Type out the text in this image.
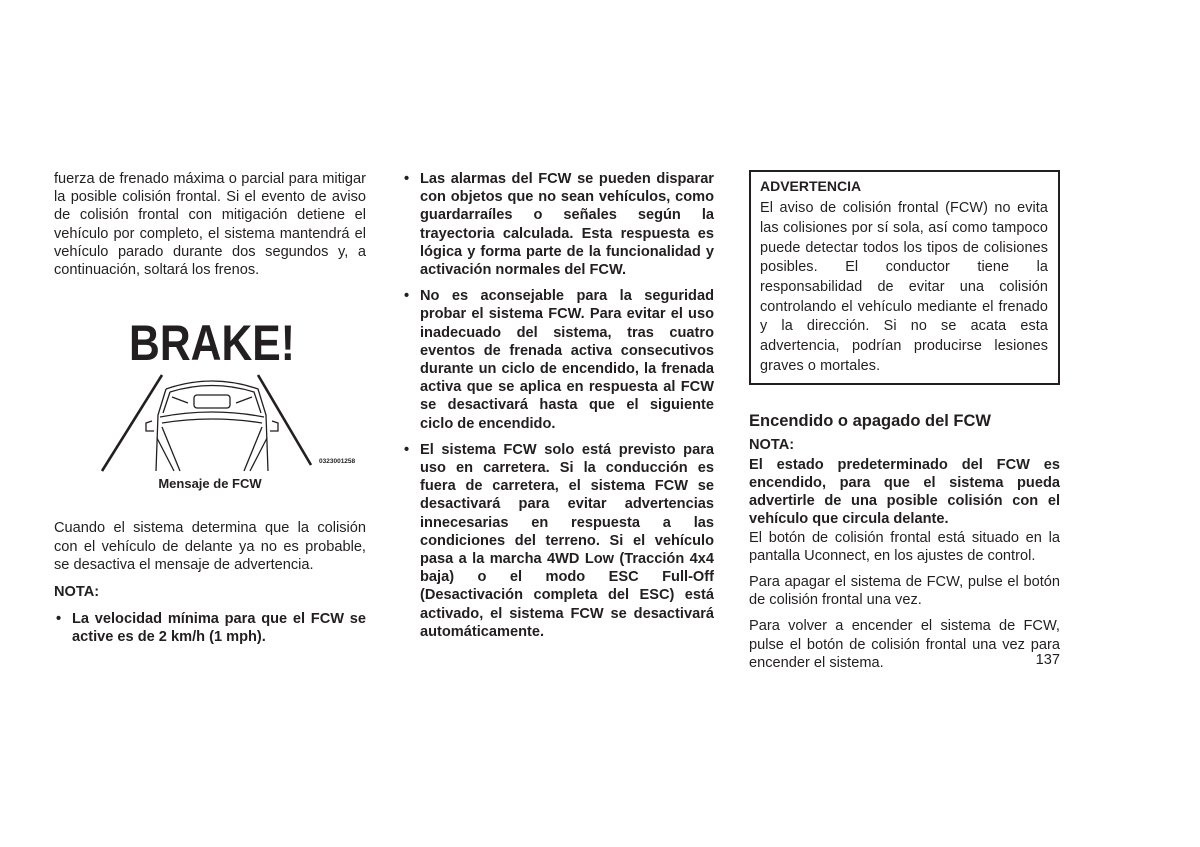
fuerza de frenado máxima o parcial para mitigar la posible colisión frontal. Si el evento de aviso de colisión frontal con mitigación detiene el vehículo por completo, el sistema mantendrá el vehículo parado durante dos segundos y, a continuación, soltará los frenos.

BRAKE!
0323001258

Mensaje de FCW

Cuando el sistema determina que la colisión con el vehículo de delante ya no es probable, se desactiva el mensaje de advertencia.

NOTA:

• La velocidad mínima para que el FCW se active es de 2 km/h (1 mph).
• Las alarmas del FCW se pueden disparar con objetos que no sean vehículos, como guardarraíles o señales según la trayectoria calculada. Esta respuesta es lógica y forma parte de la funcionalidad y activación normales del FCW.
• No es aconsejable para la seguridad probar el sistema FCW. Para evitar el uso inadecuado del sistema, tras cuatro eventos de frenada activa consecutivos durante un ciclo de encendido, la frenada activa que se aplica en respuesta al FCW se desactivará hasta que el siguiente ciclo de encendido.
• El sistema FCW solo está previsto para uso en carretera. Si la conducción es fuera de carretera, el sistema FCW se desactivará para evitar advertencias innecesarias en respuesta a las condiciones del terreno. Si el vehículo pasa a la marcha 4WD Low (Tracción 4x4 baja) o el modo ESC Full-Off (Desactivación completa del ESC) está activado, el sistema FCW se desactivará automáticamente.
ADVERTENCIA
El aviso de colisión frontal (FCW) no evita las colisiones por sí sola, así como tampoco puede detectar todos los tipos de colisiones posibles. El conductor tiene la responsabilidad de evitar una colisión controlando el vehículo mediante el frenado y la dirección. Si no se acata esta advertencia, podrían producirse lesiones graves o mortales.
Encendido o apagado del FCW

NOTA:

El estado predeterminado del FCW es encendido, para que el sistema pueda advertirle de una posible colisión con el vehículo que circula delante.

El botón de colisión frontal está situado en la pantalla Uconnect, en los ajustes de control.

Para apagar el sistema de FCW, pulse el botón de colisión frontal una vez.

Para volver a encender el sistema de FCW, pulse el botón de colisión frontal una vez para encender el sistema.	137
